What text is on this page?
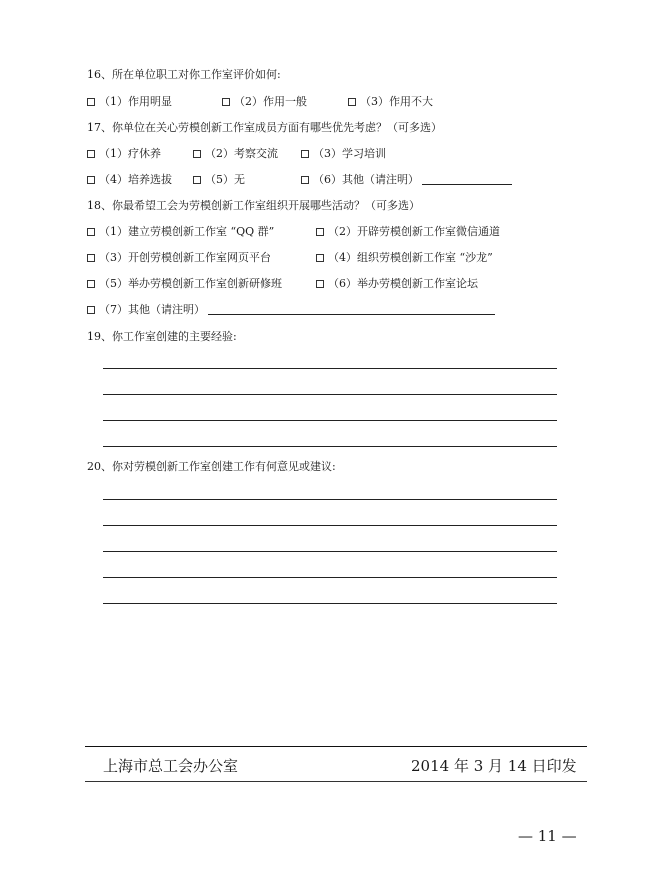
16、所在单位职工对你工作室评价如何:
（1）作用明显	（2）作用一般	（3）作用不大
17、你单位在关心劳模创新工作室成员方面有哪些优先考虑？（可多选）
（1）疗休养	（2）考察交流	（3）学习培训
（4）培养选拔	（5）无	（6）其他（请注明）
18、你最希望工会为劳模创新工作室组织开展哪些活动？（可多选）
（1）建立劳模创新工作室 “QQ 群”	（2）开辟劳模创新工作室微信通道
（3）开创劳模创新工作室网页平台	（4）组织劳模创新工作室 “沙龙”
（5）举办劳模创新工作室创新研修班	（6）举办劳模创新工作室论坛
（7）其他（请注明）
19、你工作室创建的主要经验:
20、你对劳模创新工作室创建工作有何意见或建议:
上海市总工会办公室	2014 年 3 月 14 日印发
— 11 —
